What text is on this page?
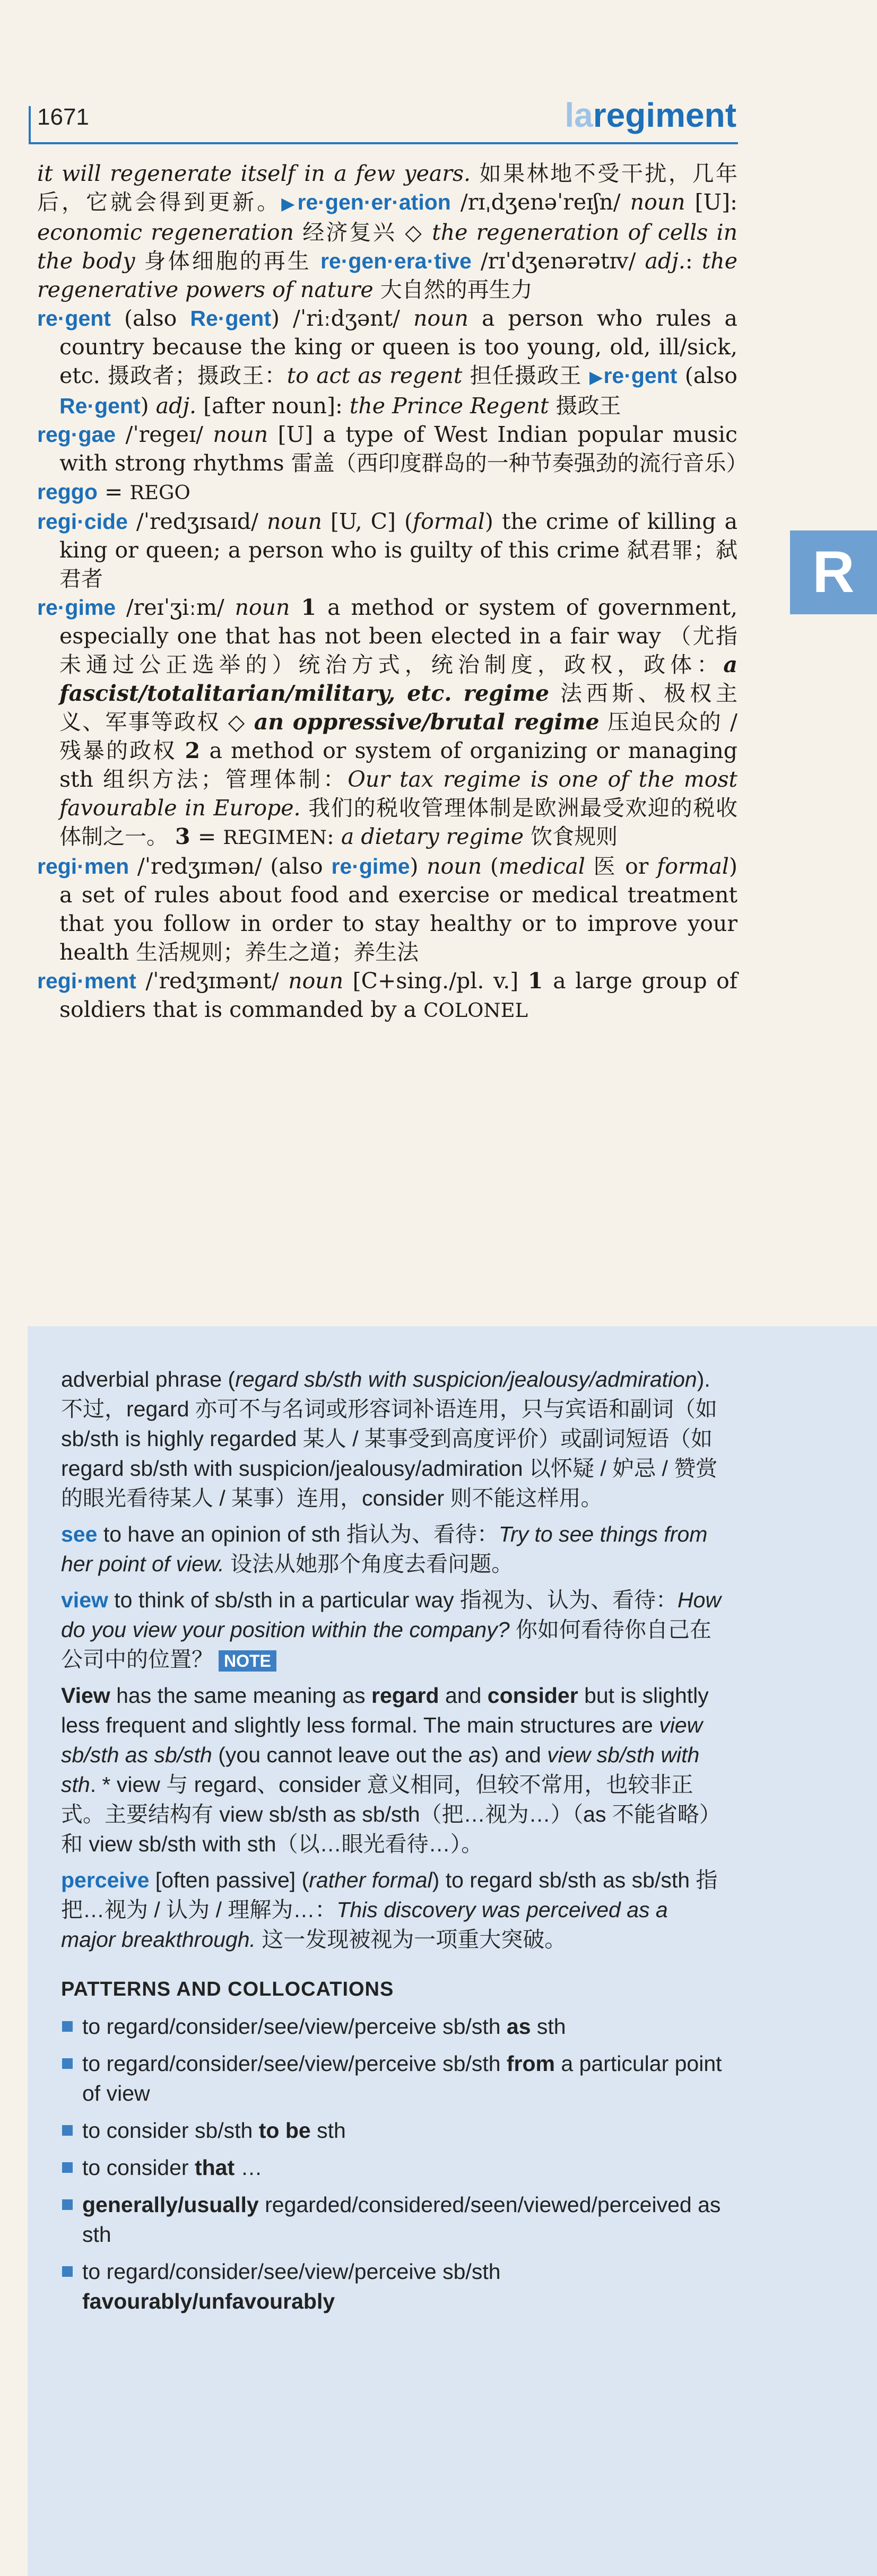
1671	laregiment
R

it will regenerate itself in a few years. 如果林地不受干扰，几年后，它就会得到更新。▶re·gen·er·ation /rɪˌdʒenəˈreɪʃn/ noun [U]: economic regeneration 经济复兴 ◇ the regeneration of cells in the body 身体细胞的再生 re·gen·era·tive /rɪˈdʒenərətɪv/ adj.: the regenerative powers of nature 大自然的再生力

re·gent (also Re·gent) /ˈriːdʒənt/ noun a person who rules a country because the king or queen is too young, old, ill/sick, etc. 摄政者；摄政王：to act as regent 担任摄政王 ▶re·gent (also Re·gent) adj. [after noun]: the Prince Regent 摄政王

reg·gae /ˈregeɪ/ noun [U] a type of West Indian popular music with strong rhythms 雷盖（西印度群岛的一种节奏强劲的流行音乐）

reggo = REGO

regi·cide /ˈredʒɪsaɪd/ noun [U, C] (formal) the crime of killing a king or queen; a person who is guilty of this crime 弑君罪；弑君者

re·gime /reɪˈʒiːm/ noun 1 a method or system of government, especially one that has not been elected in a fair way （尤指未通过公正选举的）统治方式，统治制度，政权，政体：a fascist/totalitarian/military, etc. regime 法西斯、极权主义、军事等政权 ◇ an oppressive/brutal regime 压迫民众的 / 残暴的政权 2 a method or system of organizing or managing sth 组织方法；管理体制：Our tax regime is one of the most favourable in Europe. 我们的税收管理体制是欧洲最受欢迎的税收体制之一。 3 = REGIMEN: a dietary regime 饮食规则

regi·men /ˈredʒɪmən/ (also re·gime) noun (medical 医 or formal) a set of rules about food and exercise or medical treatment that you follow in order to stay healthy or to improve your health 生活规则；养生之道；养生法

regi·ment /ˈredʒɪmənt/ noun [C+sing./pl. v.] 1 a large group of soldiers that is commanded by a COLONEL

adverbial phrase (regard sb/sth with suspicion/jealousy/admiration). 不过，regard 亦可不与名词或形容词补语连用，只与宾语和副词（如 sb/sth is highly regarded 某人 / 某事受到高度评价）或副词短语（如 regard sb/sth with suspicion/jealousy/admiration 以怀疑 / 妒忌 / 赞赏的眼光看待某人 / 某事）连用，consider 则不能这样用。

see to have an opinion of sth 指认为、看待：Try to see things from her point of view. 设法从她那个角度去看问题。

view to think of sb/sth in a particular way 指视为、认为、看待：How do you view your position within the company? 你如何看待你自己在公司中的位置？ NOTE

View has the same meaning as regard and consider but is slightly less frequent and slightly less formal. The main structures are view sb/sth as sb/sth (you cannot leave out the as) and view sb/sth with sth. * view 与 regard、consider 意义相同，但较不常用，也较非正式。主要结构有 view sb/sth as sb/sth（把…视为…）（as 不能省略）和 view sb/sth with sth（以…眼光看待…）。

perceive [often passive] (rather formal) to regard sb/sth as sb/sth 指把…视为 / 认为 / 理解为…：This discovery was perceived as a major breakthrough. 这一发现被视为一项重大突破。

PATTERNS AND COLLOCATIONS
to regard/consider/see/view/perceive sb/sth as sth
to regard/consider/see/view/perceive sb/sth from a particular point of view
to consider sb/sth to be sth
to consider that …
generally/usually regarded/considered/seen/viewed/perceived as sth
to regard/consider/see/view/perceive sb/sth favourably/unfavourably
